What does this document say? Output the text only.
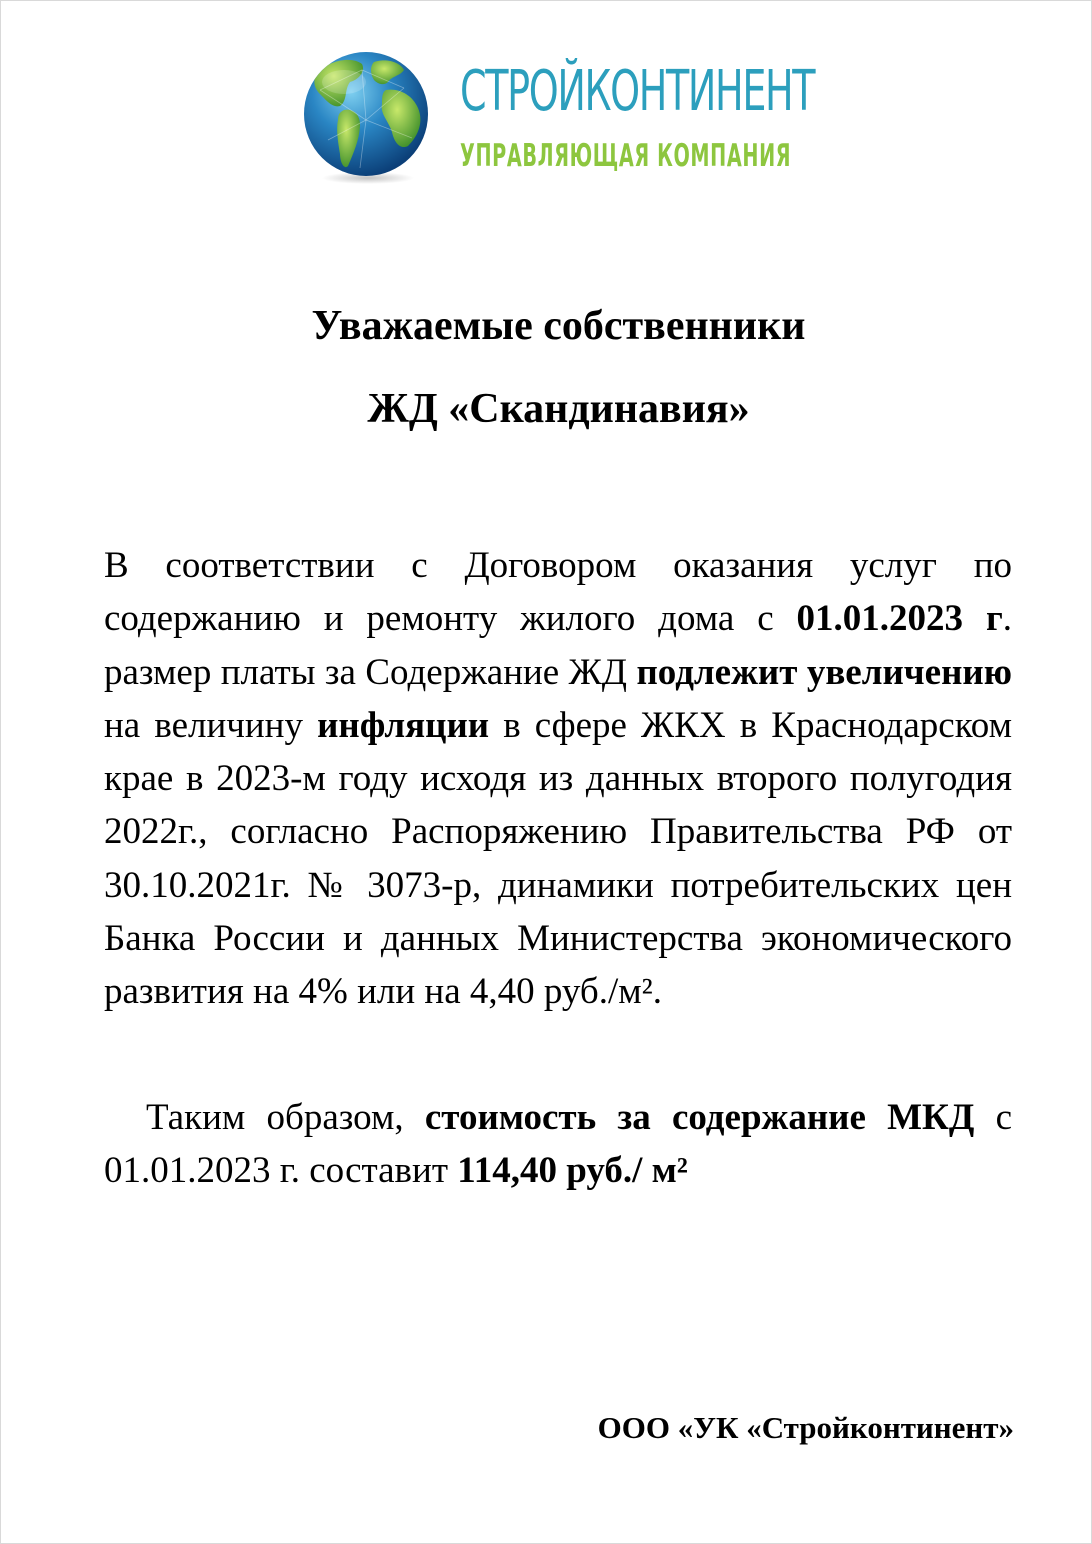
СТРОЙКОНТИНЕНТ
УПРАВЛЯЮЩАЯ КОМПАНИЯ
Уважаемые собственники
ЖД «Скандинавия»

В соответствии с Договором оказания услуг по содержанию и ремонту жилого дома с 01.01.2023 г. размер платы за Содержание ЖД подлежит увеличению на величину инфляции в сфере ЖКХ в Краснодарском крае в 2023-м году исходя из данных второго полугодия 2022г., согласно Распоряжению Правительства РФ от 30.10.2021г. № 3073-р, динамики потребительских цен Банка России и данных Министерства экономического развития на 4% или на 4,40 руб./м².

Таким образом, стоимость за содержание МКД с 01.01.2023 г. составит 114,40 руб./ м²

ООО «УК «Стройконтинент»
